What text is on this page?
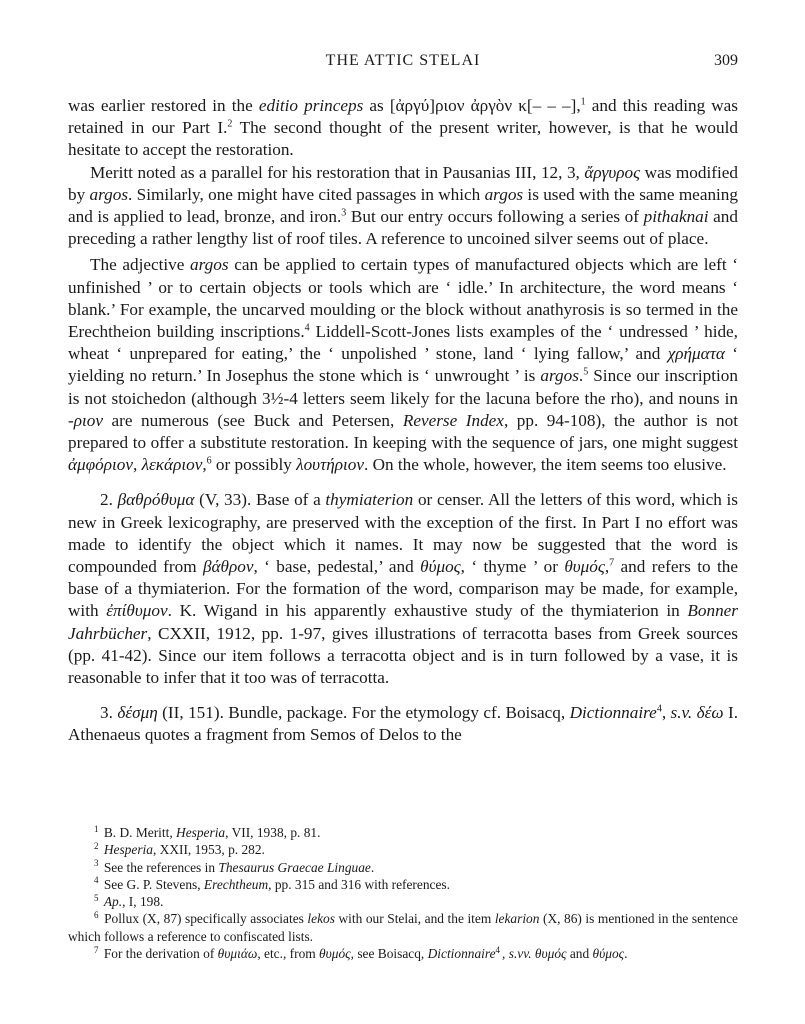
THE ATTIC STELAI	309

was earlier restored in the editio princeps as [ἀργύ]ριον ἀργὸν κ[– – –],$^1$ and this reading was retained in our Part I.$^2$ The second thought of the present writer, however, is that he would hesitate to accept the restoration.

Meritt noted as a parallel for his restoration that in Pausanias III, 12, 3, ἄργυρος was modified by argos. Similarly, one might have cited passages in which argos is used with the same meaning and is applied to lead, bronze, and iron.$^3$ But our entry occurs following a series of pithaknai and preceding a rather lengthy list of roof tiles. A reference to uncoined silver seems out of place.

The adjective argos can be applied to certain types of manufactured objects which are left ‘ unfinished ’ or to certain objects or tools which are ‘ idle.’ In architecture, the word means ‘ blank.’ For example, the uncarved moulding or the block without anathyrosis is so termed in the Erechtheion building inscriptions.$^4$ Liddell-Scott-Jones lists examples of the ‘ undressed ’ hide, wheat ‘ unprepared for eating,’ the ‘ unpolished ’ stone, land ‘ lying fallow,’ and χρήματα ‘ yielding no return.’ In Josephus the stone which is ‘ unwrought ’ is argos.$^5$ Since our inscription is not stoichedon (although 3½-4 letters seem likely for the lacuna before the rho), and nouns in -ριον are numerous (see Buck and Petersen, Reverse Index, pp. 94-108), the author is not prepared to offer a substitute restoration. In keeping with the sequence of jars, one might suggest ἀμφόριον, λεκάριον,$^6$ or possibly λουτήριον. On the whole, however, the item seems too elusive.

2. βαθρόθυμα (V, 33). Base of a thymiaterion or censer. All the letters of this word, which is new in Greek lexicography, are preserved with the exception of the first. In Part I no effort was made to identify the object which it names. It may now be suggested that the word is compounded from βάθρον, ‘ base, pedestal,’ and θύμος, ‘ thyme ’ or θυμός,$^7$ and refers to the base of a thymiaterion. For the formation of the word, comparison may be made, for example, with ἐπίθυμον. K. Wigand in his apparently exhaustive study of the thymiaterion in Bonner Jahrbücher, CXXII, 1912, pp. 1-97, gives illustrations of terracotta bases from Greek sources (pp. 41-42). Since our item follows a terracotta object and is in turn followed by a vase, it is reasonable to infer that it too was of terracotta.

3. δέσμη (II, 151). Bundle, package. For the etymology cf. Boisacq, Dictionnaire$^4$, s.v. δέω I. Athenaeus quotes a fragment from Semos of Delos to the

$^1$ B. D. Meritt, Hesperia, VII, 1938, p. 81.
$^2$ Hesperia, XXII, 1953, p. 282.
$^3$ See the references in Thesaurus Graecae Linguae.
$^4$ See G. P. Stevens, Erechtheum, pp. 315 and 316 with references.
$^5$ Ap., I, 198.
$^6$ Pollux (X, 87) specifically associates lekos with our Stelai, and the item lekarion (X, 86) is mentioned in the sentence which follows a reference to confiscated lists.
$^7$ For the derivation of θυμιάω, etc., from θυμός, see Boisacq, Dictionnaire$^4$ , s.vv. θυμός and θύμος.
